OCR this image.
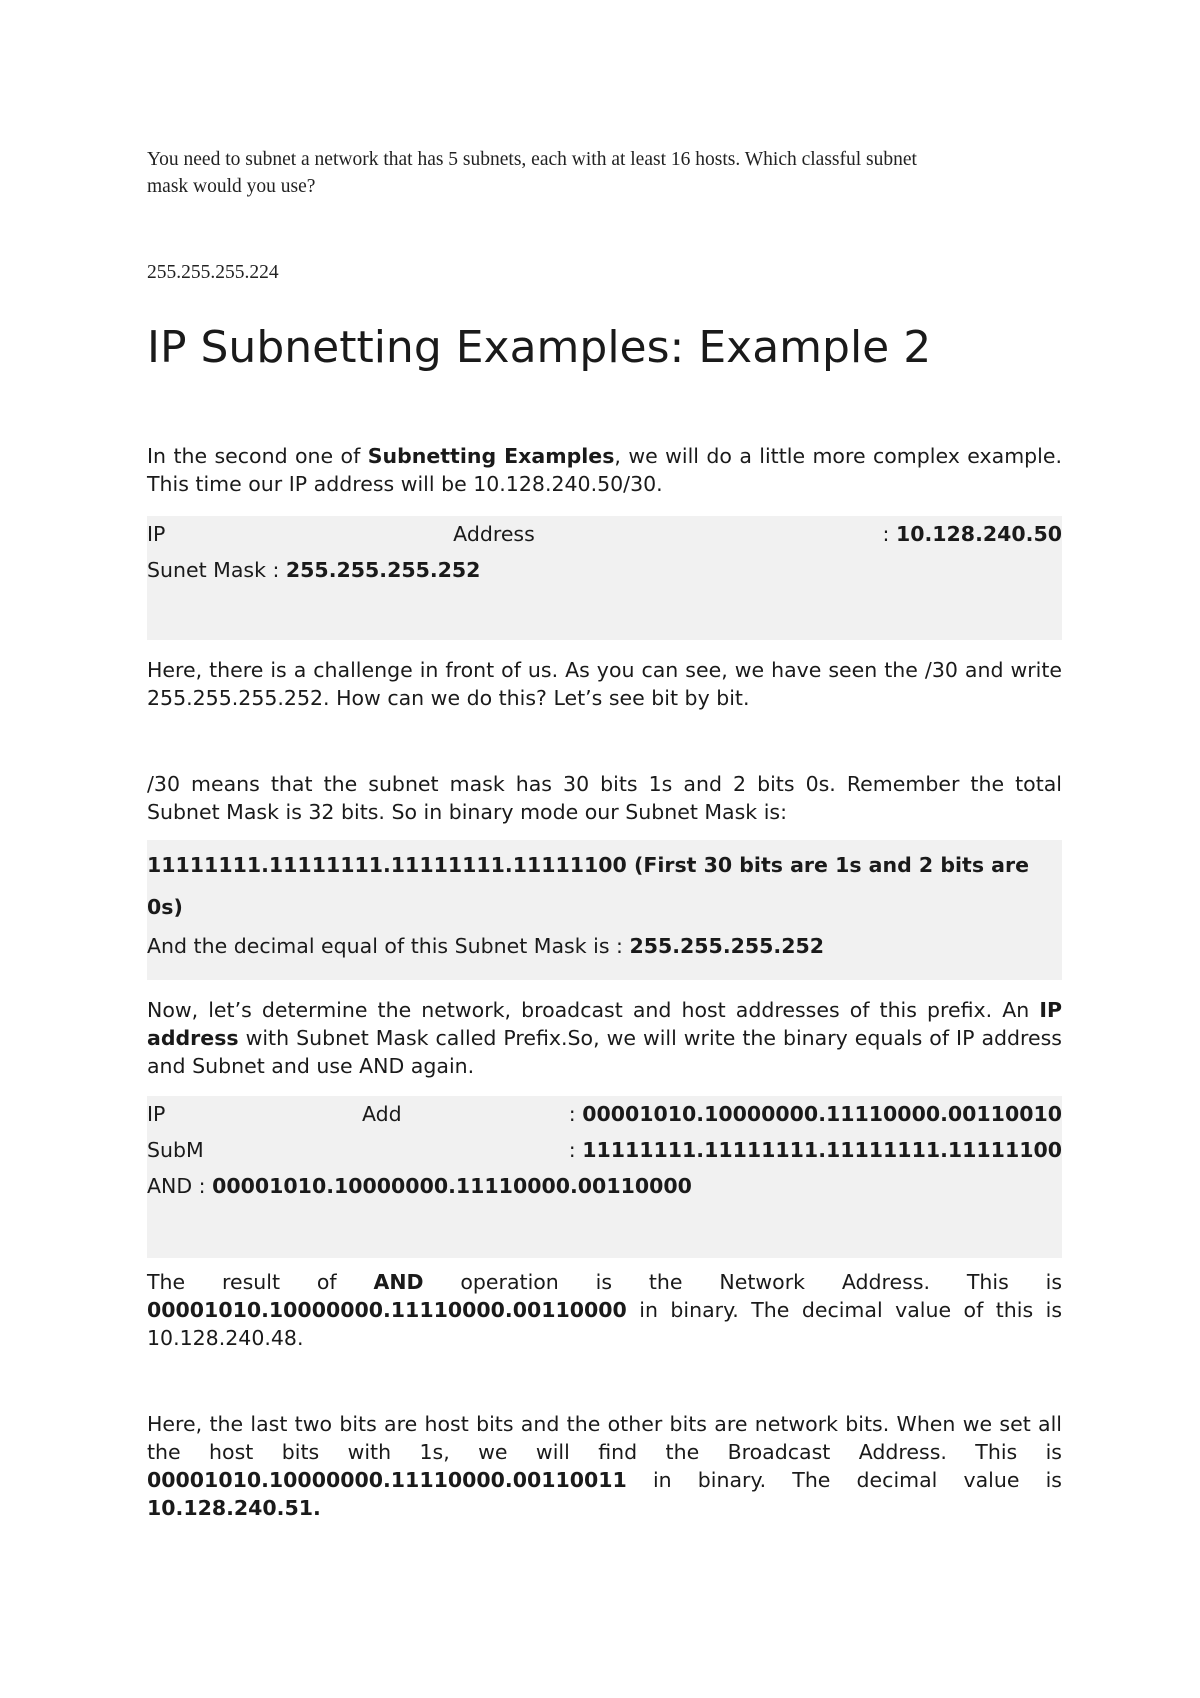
You need to subnet a network that has 5 subnets, each with at least 16 hosts. Which classful subnet
mask would you use?
255.255.255.224
IP Subnetting Examples: Example 2

In the second one of Subnetting Examples, we will do a little more complex example. This time our IP address will be 10.128.240.50/30.

IP	Address	: 10.128.240.50
Sunet Mask : 255.255.255.252

Here, there is a challenge in front of us. As you can see, we have seen the /30 and write 255.255.255.252. How can we do this? Let’s see bit by bit.

/30 means that the subnet mask has 30 bits 1s and 2 bits 0s. Remember the total Subnet Mask is 32 bits. So in binary mode our Subnet Mask is:

11111111.11111111.11111111.11111100 (First 30 bits are 1s and 2 bits are 0s)
And the decimal equal of this Subnet Mask is : 255.255.255.252

Now, let’s determine the network, broadcast and host addresses of this prefix. An IP address with Subnet Mask called Prefix.So, we will write the binary equals of IP address and Subnet and use AND again.

IP	Add	: 00001010.10000000.11110000.00110010
SubM	: 11111111.11111111.11111111.11111100
AND : 00001010.10000000.11110000.00110000

The result of AND operation is the Network Address. This is 00001010.10000000.11110000.00110000 in binary. The decimal value of this is 10.128.240.48.

Here, the last two bits are host bits and the other bits are network bits. When we set all the host bits with 1s, we will find the Broadcast Address. This is 00001010.10000000.11110000.00110011 in binary. The decimal value is 10.128.240.51.
